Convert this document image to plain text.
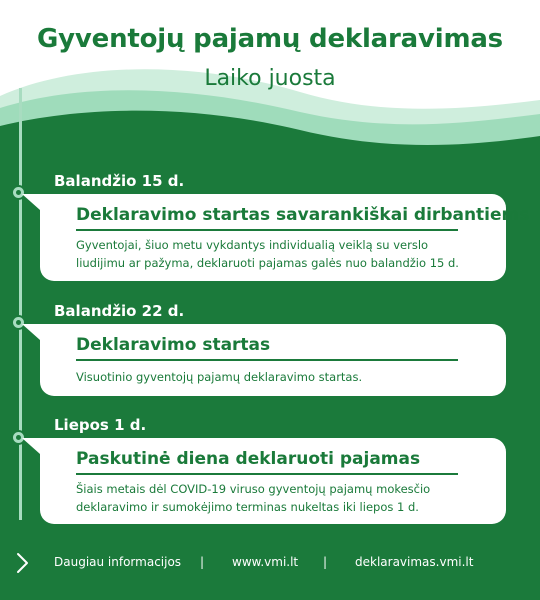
Gyventojų pajamų deklaravimas
Laiko juosta
Balandžio 15 d.
Deklaravimo startas savarankiškai dirbantiems
Gyventojai, šiuo metu vykdantys individualią veiklą su verslo
liudijimu ar pažyma, deklaruoti pajamas galės nuo balandžio 15 d.
Balandžio 22 d.
Deklaravimo startas
Visuotinio gyventojų pajamų deklaravimo startas.
Liepos 1 d.
Paskutinė diena deklaruoti pajamas
Šiais metais dėl COVID-19 viruso gyventojų pajamų mokesčio
deklaravimo ir sumokėjimo terminas nukeltas iki liepos 1 d.
Daugiau informacijos | www.vmi.lt | deklaravimas.vmi.lt
